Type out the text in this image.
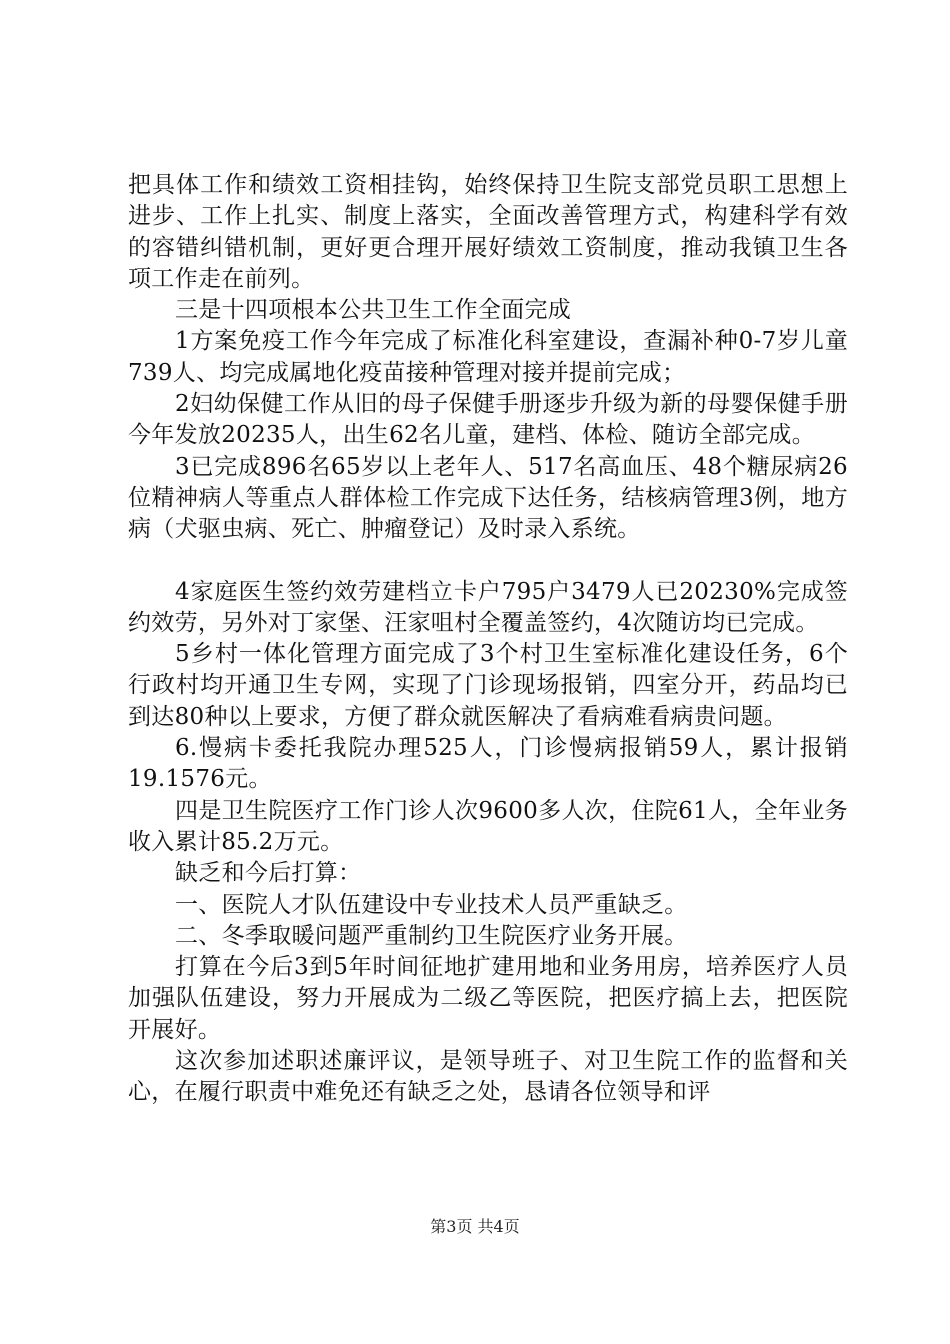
把具体工作和绩效工资相挂钩，始终保持卫生院支部党员职工思想上进步、工作上扎实、制度上落实，全面改善管理方式，构建科学有效的容错纠错机制，更好更合理开展好绩效工资制度，推动我镇卫生各项工作走在前列。

三是十四项根本公共卫生工作全面完成

1方案免疫工作今年完成了标准化科室建设，查漏补种0-7岁儿童739人、均完成属地化疫苗接种管理对接并提前完成；

2妇幼保健工作从旧的母子保健手册逐步升级为新的母婴保健手册今年发放20235人，出生62名儿童，建档、体检、随访全部完成。

3已完成896名65岁以上老年人、517名高血压、48个糖尿病26位精神病人等重点人群体检工作完成下达任务，结核病管理3例，地方病（犬驱虫病、死亡、肿瘤登记）及时录入系统。

4家庭医生签约效劳建档立卡户795户3479人已20230%完成签约效劳，另外对丁家堡、汪家咀村全覆盖签约，4次随访均已完成。

5乡村一体化管理方面完成了3个村卫生室标准化建设任务，6个行政村均开通卫生专网，实现了门诊现场报销，四室分开，药品均已到达80种以上要求，方便了群众就医解决了看病难看病贵问题。

6.慢病卡委托我院办理525人，门诊慢病报销59人，累计报销19.1576元。

四是卫生院医疗工作门诊人次9600多人次，住院61人，全年业务收入累计85.2万元。

缺乏和今后打算：

一、医院人才队伍建设中专业技术人员严重缺乏。

二、冬季取暖问题严重制约卫生院医疗业务开展。

打算在今后3到5年时间征地扩建用地和业务用房，培养医疗人员加强队伍建设，努力开展成为二级乙等医院，把医疗搞上去，把医院开展好。

这次参加述职述廉评议，是领导班子、对卫生院工作的监督和关心，在履行职责中难免还有缺乏之处，恳请各位领导和评

第3页 共4页
